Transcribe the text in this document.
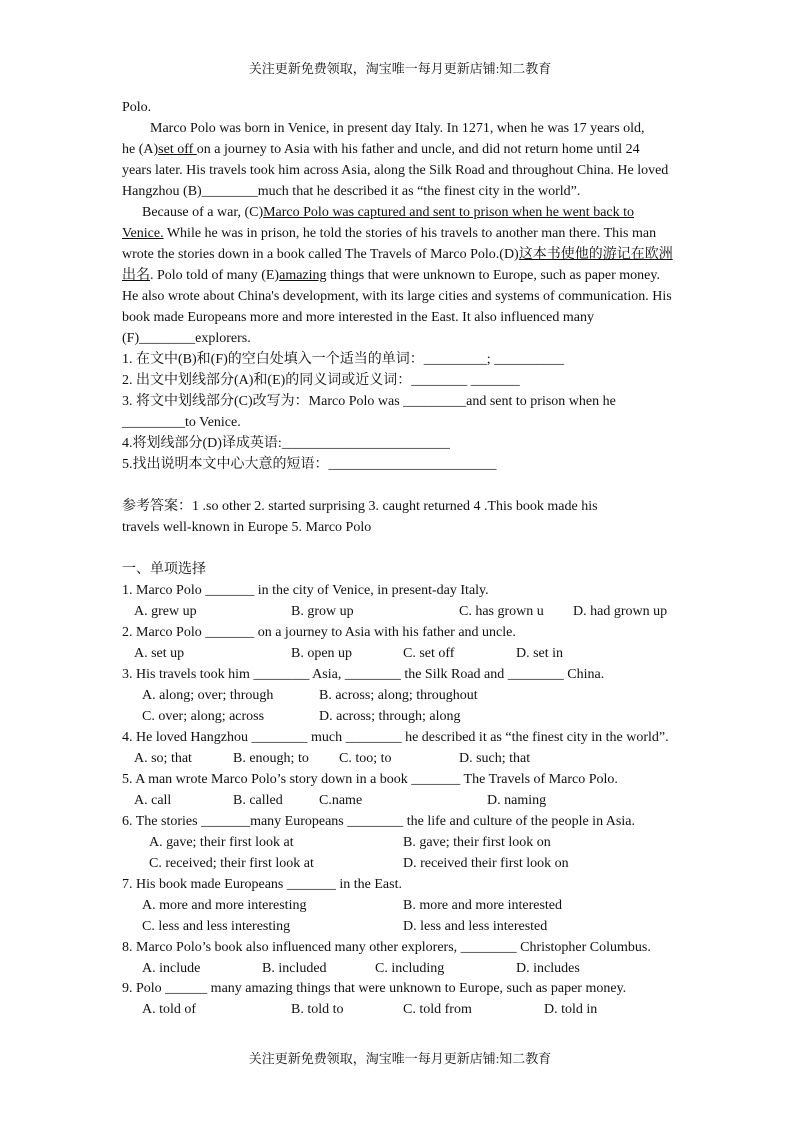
关注更新免费领取，淘宝唯一每月更新店铺:知二教育
Polo.
Marco Polo was born in Venice, in present day Italy. In 1271, when he was 17 years old,
he (A)set off on a journey to Asia with his father and uncle, and did not return home until 24
years later. His travels took him across Asia, along the Silk Road and throughout China. He loved
Hangzhou (B)________much that he described it as “the finest city in the world”.
Because of a war, (C)Marco Polo was captured and sent to prison when he went back to
Venice. While he was in prison, he told the stories of his travels to another man there. This man
wrote the stories down in a book called The Travels of Marco Polo.(D)这本书使他的游记在欧洲
出名. Polo told of many (E)amazing things that were unknown to Europe, such as paper money.
He also wrote about China's development, with its large cities and systems of communication. His
book made Europeans more and more interested in the East. It also influenced many
(F)________explorers.
1. 在文中(B)和(F)的空白处填入一个适当的单词：_________; __________
2. 出文中划线部分(A)和(E)的同义词或近义词：________ _______
3. 将文中划线部分(C)改写为：Marco Polo was _________and sent to prison when he
_________to Venice.
4.将划线部分(D)译成英语:________________________
5.找出说明本文中心大意的短语：________________________
参考答案：1 .so other 2. started surprising 3. caught returned 4 .This book made his
travels well-known in Europe 5. Marco Polo
一、单项选择
1. Marco Polo _______ in the city of Venice, in present-day Italy.
A. grew up	B. grow up	C. has grown u D. had grown up
2. Marco Polo _______ on a journey to Asia with his father and uncle.
A. set up	B. open up	C. set off	D. set in
3. His travels took him ________ Asia, ________ the Silk Road and ________ China.
A. along; over; through	B. across; along; throughout
C. over; along; across	D. across; through; along
4. He loved Hangzhou ________ much ________ he described it as “the finest city in the world”.
A. so; that	B. enough; to C. too; to	D. such; that
5. A man wrote Marco Polo’s story down in a book _______ The Travels of Marco Polo.
A. call	B. called	C.name	D. naming
6. The stories _______many Europeans ________ the life and culture of the people in Asia.
A. gave; their first look at	B. gave; their first look on
C. received; their first look at	D. received their first look on
7. His book made Europeans _______ in the East.
A. more and more interesting	B. more and more interested
C. less and less interesting	D. less and less interested
8. Marco Polo’s book also influenced many other explorers, ________ Christopher Columbus.
A. include	B. included	C. including	D. includes
9. Polo ______ many amazing things that were unknown to Europe, such as paper money.
A. told of	B. told to	C. told from	D. told in
关注更新免费领取，淘宝唯一每月更新店铺:知二教育
